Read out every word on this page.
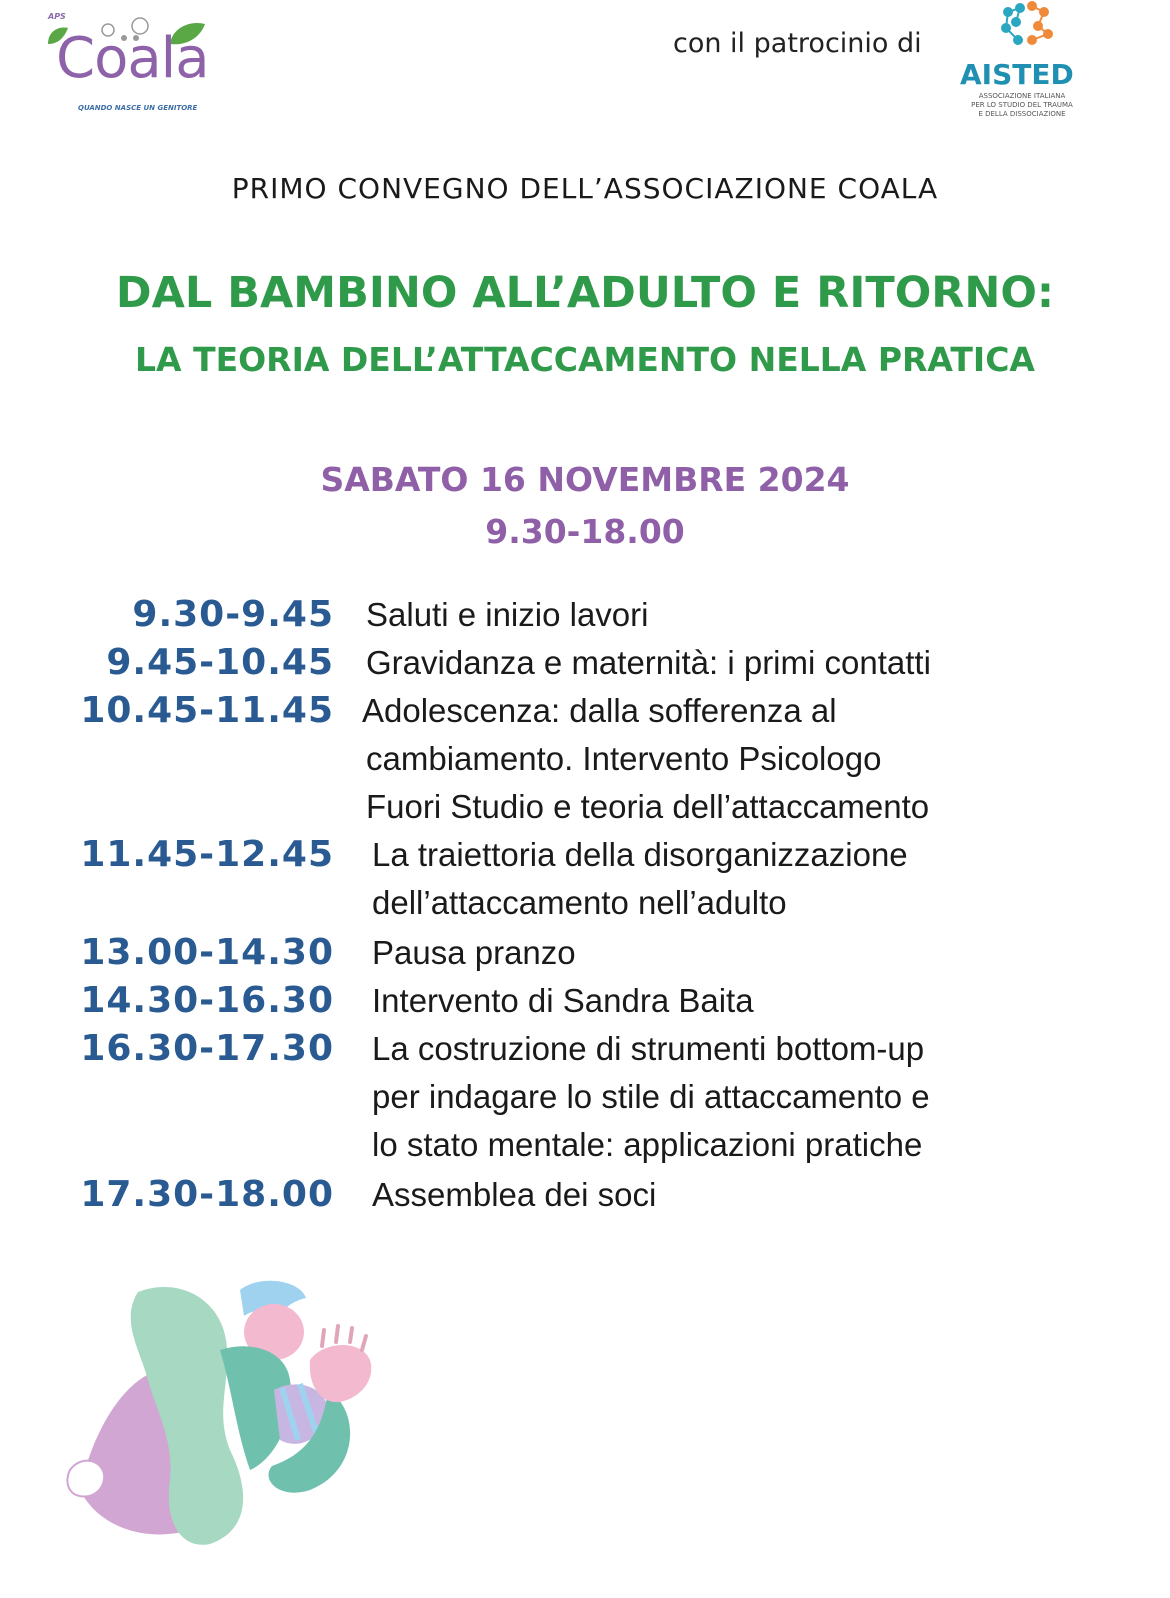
APS
Coala
QUANDO NASCE UN GENITORE
con il patrocinio di
AISTED
ASSOCIAZIONE ITALIANA
PER LO STUDIO DEL TRAUMA
E DELLA DISSOCIAZIONE
PRIMO CONVEGNO DELL’ASSOCIAZIONE COALA
DAL BAMBINO ALL’ADULTO E RITORNO:
LA TEORIA DELL’ATTACCAMENTO NELLA PRATICA
SABATO 16 NOVEMBRE 2024
9.30-18.00
9.30-9.45 Saluti e inizio lavori
9.45-10.45 Gravidanza e maternità: i primi contatti
10.45-11.45 Adolescenza: dalla sofferenza al
cambiamento. Intervento Psicologo
Fuori Studio e teoria dell’attaccamento
11.45-12.45 La traiettoria della disorganizzazione
dell’attaccamento nell’adulto
13.00-14.30 Pausa pranzo
14.30-16.30 Intervento di Sandra Baita
16.30-17.30 La costruzione di strumenti bottom-up
per indagare lo stile di attaccamento e
lo stato mentale: applicazioni pratiche
17.30-18.00 Assemblea dei soci
